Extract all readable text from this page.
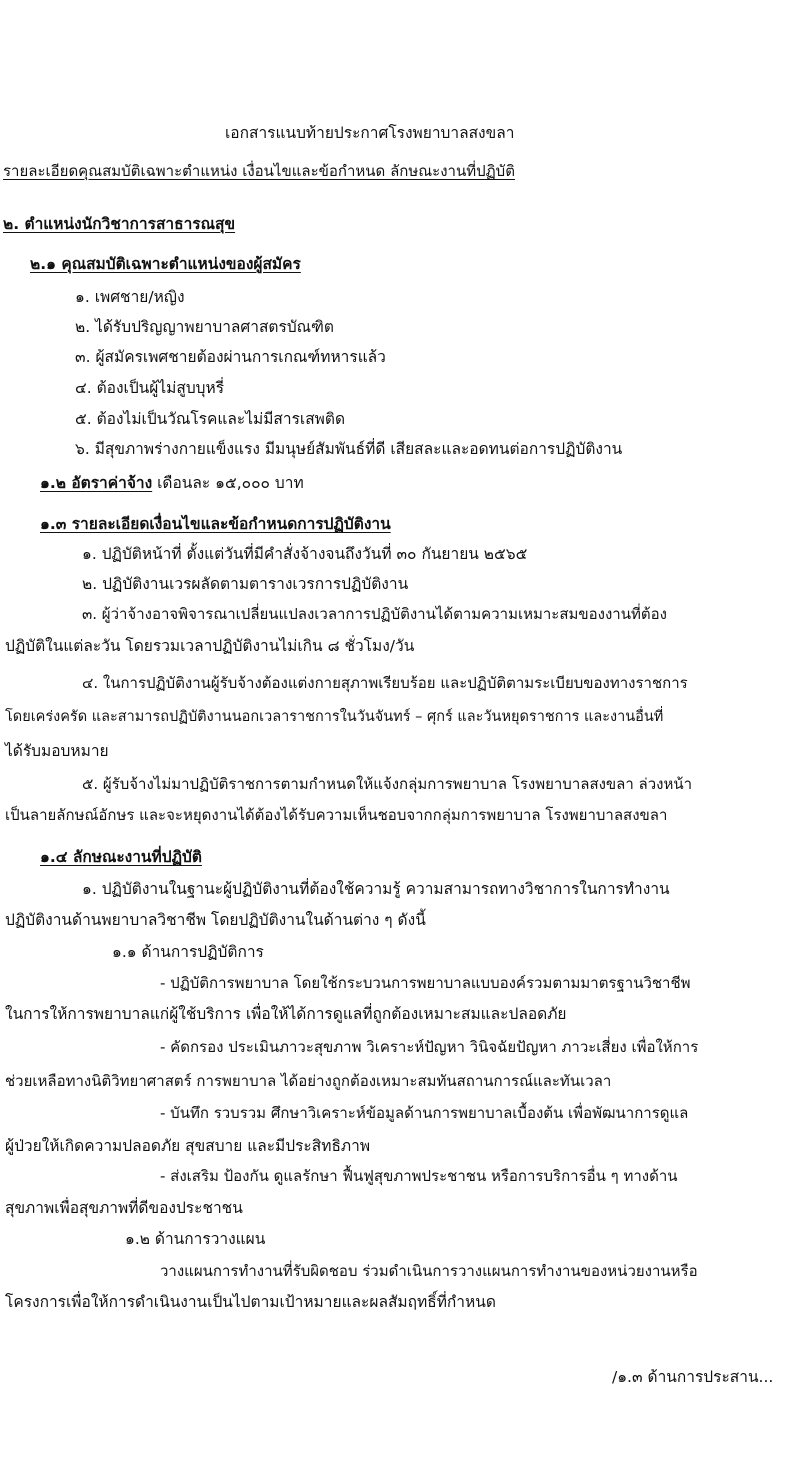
เอกสารแนบท้ายประกาศโรงพยาบาลสงขลา
รายละเอียดคุณสมบัติเฉพาะตำแหน่ง เงื่อนไขและข้อกำหนด ลักษณะงานที่ปฏิบัติ
๒. ตำแหน่งนักวิชาการสาธารณสุข
๒.๑ คุณสมบัติเฉพาะตำแหน่งของผู้สมัคร
๑. เพศชาย/หญิง
๒. ได้รับปริญญาพยาบาลศาสตรบัณฑิต
๓. ผู้สมัครเพศชายต้องผ่านการเกณฑ์ทหารแล้ว
๔. ต้องเป็นผู้ไม่สูบบุหรี่
๕. ต้องไม่เป็นวัณโรคและไม่มีสารเสพติด
๖. มีสุขภาพร่างกายแข็งแรง มีมนุษย์สัมพันธ์ที่ดี เสียสละและอดทนต่อการปฏิบัติงาน
๑.๒ อัตราค่าจ้าง เดือนละ ๑๕,๐๐๐ บาท
๑.๓ รายละเอียดเงื่อนไขและข้อกำหนดการปฏิบัติงาน
๑. ปฏิบัติหน้าที่ ตั้งแต่วันที่มีคำสั่งจ้างจนถึงวันที่ ๓๐ กันยายน ๒๕๖๕
๒. ปฏิบัติงานเวรผลัดตามตารางเวรการปฏิบัติงาน
๓. ผู้ว่าจ้างอาจพิจารณาเปลี่ยนแปลงเวลาการปฏิบัติงานได้ตามความเหมาะสมของงานที่ต้อง
ปฏิบัติในแต่ละวัน โดยรวมเวลาปฏิบัติงานไม่เกิน ๘ ชั่วโมง/วัน
๔. ในการปฏิบัติงานผู้รับจ้างต้องแต่งกายสุภาพเรียบร้อย และปฏิบัติตามระเบียบของทางราชการ
โดยเคร่งครัด และสามารถปฏิบัติงานนอกเวลาราชการในวันจันทร์ – ศุกร์ และวันหยุดราชการ และงานอื่นที่
ได้รับมอบหมาย
๕. ผู้รับจ้างไม่มาปฏิบัติราชการตามกำหนดให้แจ้งกลุ่มการพยาบาล โรงพยาบาลสงขลา ล่วงหน้า
เป็นลายลักษณ์อักษร และจะหยุดงานได้ต้องได้รับความเห็นชอบจากกลุ่มการพยาบาล โรงพยาบาลสงขลา
๑.๔ ลักษณะงานที่ปฏิบัติ
๑. ปฏิบัติงานในฐานะผู้ปฏิบัติงานที่ต้องใช้ความรู้ ความสามารถทางวิชาการในการทำงาน
ปฏิบัติงานด้านพยาบาลวิชาชีพ โดยปฏิบัติงานในด้านต่าง ๆ ดังนี้
๑.๑ ด้านการปฏิบัติการ
- ปฏิบัติการพยาบาล โดยใช้กระบวนการพยาบาลแบบองค์รวมตามมาตรฐานวิชาชีพ
ในการให้การพยาบาลแก่ผู้ใช้บริการ เพื่อให้ได้การดูแลที่ถูกต้องเหมาะสมและปลอดภัย
- คัดกรอง ประเมินภาวะสุขภาพ วิเคราะห์ปัญหา วินิจฉัยปัญหา ภาวะเสี่ยง เพื่อให้การ
ช่วยเหลือทางนิติวิทยาศาสตร์ การพยาบาล ได้อย่างถูกต้องเหมาะสมทันสถานการณ์และทันเวลา
- บันทึก รวบรวม ศึกษาวิเคราะห์ข้อมูลด้านการพยาบาลเบื้องต้น เพื่อพัฒนาการดูแล
ผู้ป่วยให้เกิดความปลอดภัย สุขสบาย และมีประสิทธิภาพ
- ส่งเสริม ป้องกัน ดูแลรักษา ฟื้นฟูสุขภาพประชาชน หรือการบริการอื่น ๆ ทางด้าน
สุขภาพเพื่อสุขภาพที่ดีของประชาชน
๑.๒ ด้านการวางแผน
วางแผนการทำงานที่รับผิดชอบ ร่วมดำเนินการวางแผนการทำงานของหน่วยงานหรือ
โครงการเพื่อให้การดำเนินงานเป็นไปตามเป้าหมายและผลสัมฤทธิ์ที่กำหนด
/๑.๓ ด้านการประสาน...
